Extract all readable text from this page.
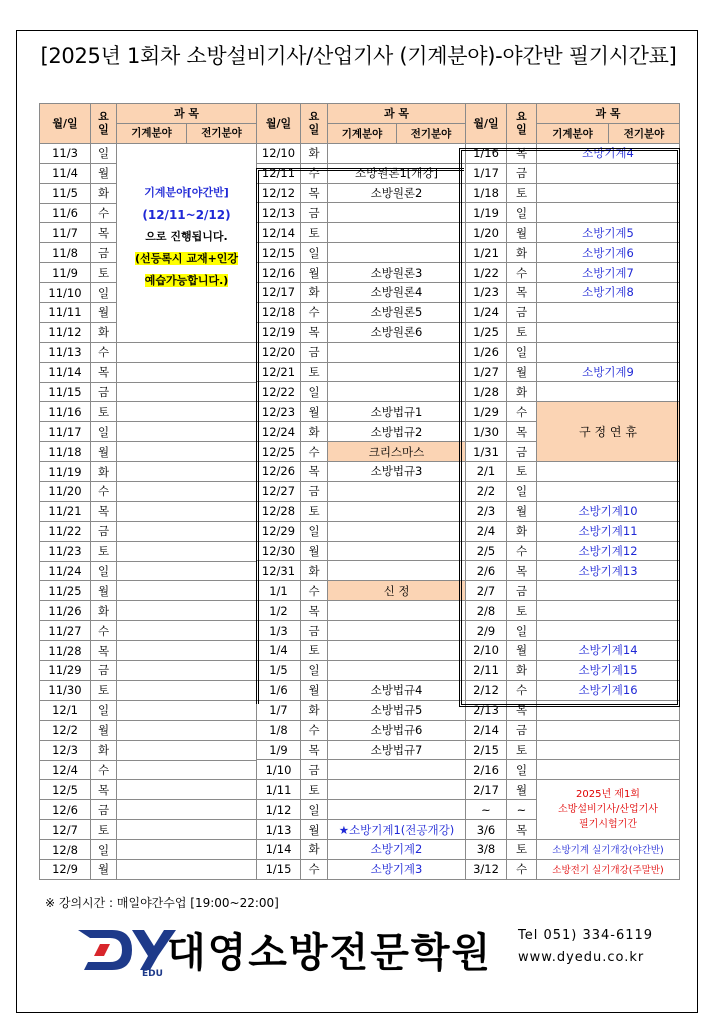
[2025년 1회차 소방설비기사/산업기사 (기계분야)-야간반 필기시간표]
월/일	요
일	과 목

		기계분야 전기분야

11/3	일	기계분야[야간반]
(12/11~2/12)
으로 진행됩니다.
(선등록시 교재+인강
예습가능합니다.)

11/4	월	
11/5	화	
11/6	수	
11/7	목	
11/8	금	
11/9	토	
11/10	일	
11/11	월	
11/12	화	
11/13	수	
11/14	목	
11/15	금	
11/16	토	
11/17	일	
11/18	월	
11/19	화	
11/20	수	
11/21	목	
11/22	금	
11/23	토	
11/24	일	
11/25	월	
11/26	화	
11/27	수	
11/28	목	
11/29	금	
11/30	토	
12/1	일	
12/2	월	
12/3	화	
12/4	수	
12/5	목	
12/6	금	
12/7	토	
12/8	일	
12/9	월	
월/일	요
일	과 목	
		기계분야	전기분야
12/10	화		
12/11	수	소방원론1[개강]	
12/12	목	소방원론2	
12/13	금		
12/14	토		
12/15	일		
12/16	월	소방원론3	
12/17	화	소방원론4	
12/18	수	소방원론5	
12/19	목	소방원론6	
12/20	금		
12/21	토		
12/22	일		
12/23	월	소방법규1	
12/24	화	소방법규2	
12/25	수	크리스마스	
12/26	목	소방법규3	
12/27	금		
12/28	토		
12/29	일		
12/30	월		
12/31	화		
1/1	수	신 정	
1/2	목		
1/3	금		
1/4	토		
1/5	일		
1/6	월	소방법규4	
1/7	화	소방법규5	
1/8	수	소방법규6	
1/9	목	소방법규7	
1/10	금		
1/11	토		
1/12	일		
1/13	월	★소방기계1(전공개강)	
1/14	화	소방기계2	
1/15	수	소방기계3	
월/일	요
일	과 목	
		기계분야	전기분야
1/16	목	소방기계4	
1/17	금		
1/18	토		
1/19	일		
1/20	월	소방기계5	
1/21	화	소방기계6	
1/22	수	소방기계7	
1/23	목	소방기계8	
1/24	금		
1/25	토		
1/26	일		
1/27	월	소방기계9	
1/28	화		
1/29	수	구 정 연 휴	
1/30	목		
1/31	금		
2/1	토		
2/2	일		
2/3	월	소방기계10	
2/4	화	소방기계11	
2/5	수	소방기계12	
2/6	목	소방기계13	
2/7	금		
2/8	토		
2/9	일		
2/10	월	소방기계14	
2/11	화	소방기계15	
2/12	수	소방기계16	
2/13	목		
2/14	금		
2/15	토		
2/16	일		
2/17	월	2025년 제1회
소방설비기사/산업기사
필기시험기간	

~	~		
3/6	목		
3/8	토	소방기계 실기개강(야간반)	
3/12	수	소방전기 실기개강(주말반)	
※ 강의시간 : 매일야간수업 [19:00~22:00]
EDU 대영소방전문학원 Tel 051) 334-6119
www.dyedu.co.kr
